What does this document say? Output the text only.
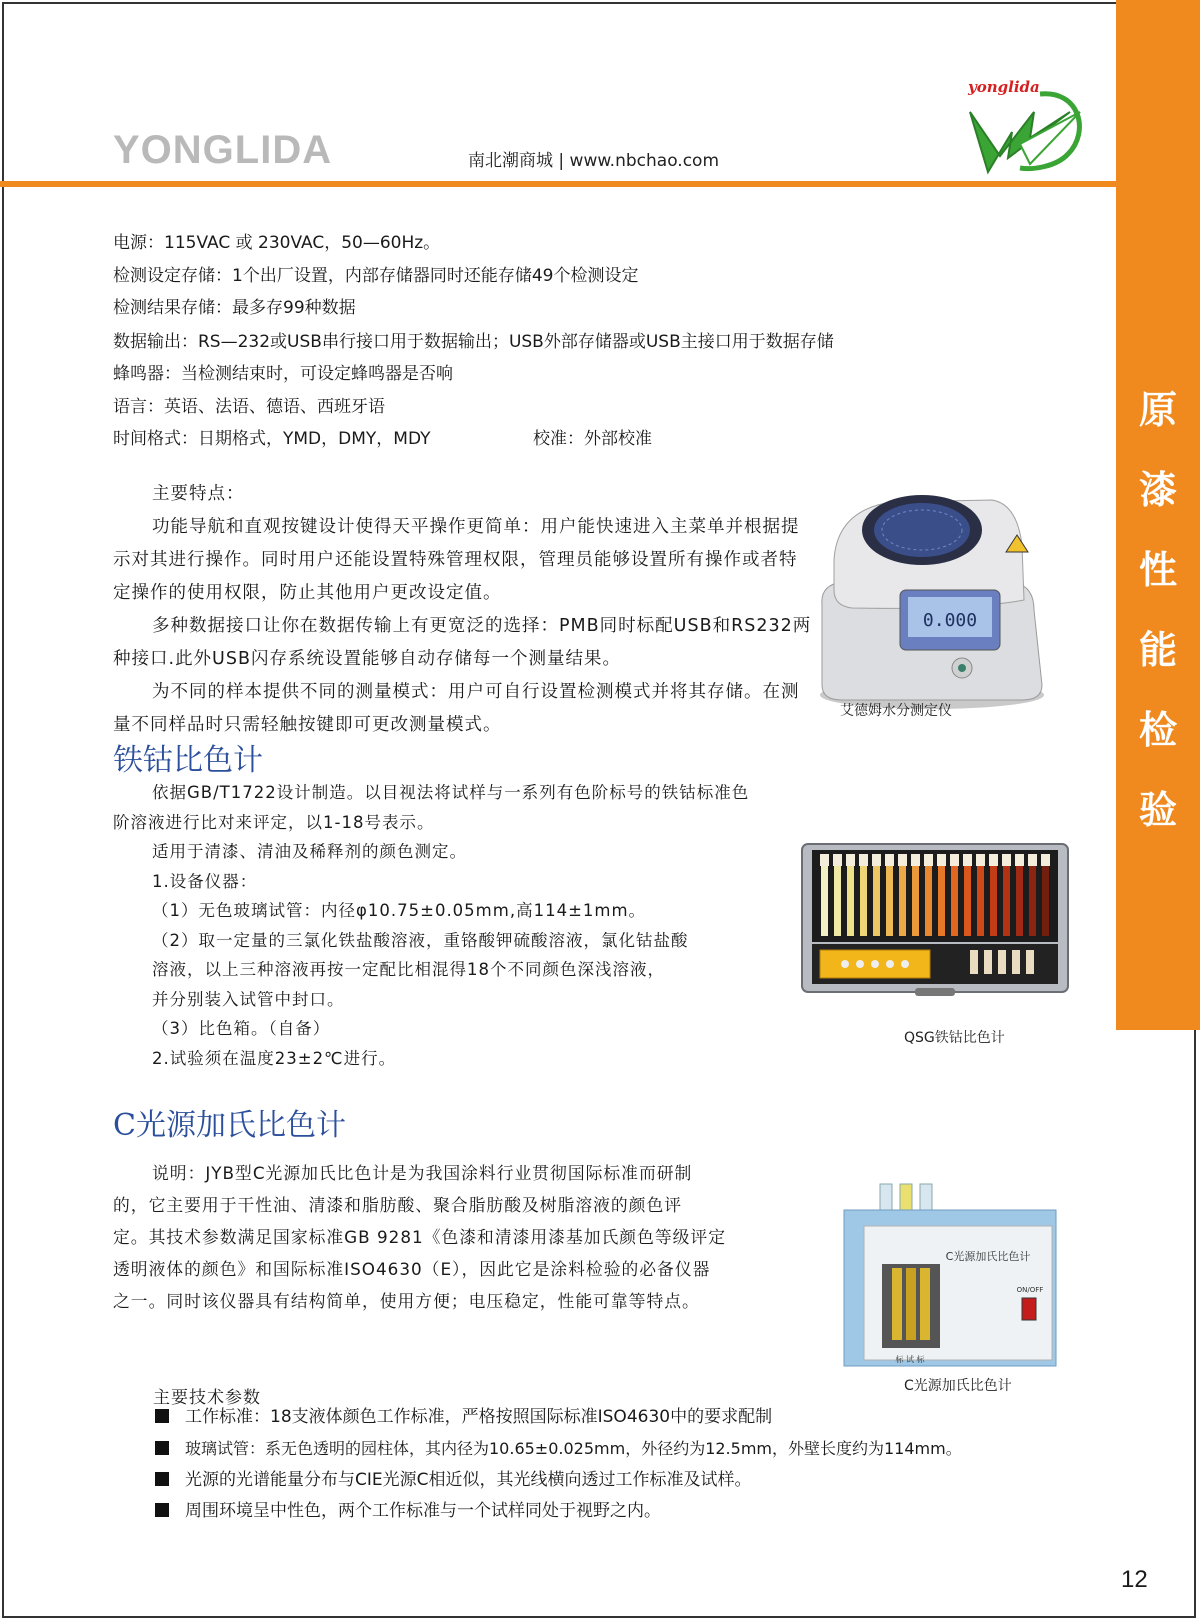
原
漆
性
能
检
验
YONGLIDA	南北潮商城 | www.nbchao.com
yonglida
电源：115VAC 或 230VAC，50—60Hz。
检测设定存储：1个出厂设置，内部存储器同时还能存储49个检测设定
检测结果存储：最多存99种数据
数据输出：RS—232或USB串行接口用于数据输出；USB外部存储器或USB主接口用于数据存储
蜂鸣器：当检测结束时，可设定蜂鸣器是否响
语言：英语、法语、德语、西班牙语
时间格式：日期格式，YMD，DMY，MDY	校准：外部校准

主要特点：

功能导航和直观按键设计使得天平操作更简单：用户能快速进入主菜单并根据提示对其进行操作。同时用户还能设置特殊管理权限，管理员能够设置所有操作或者特定操作的使用权限，防止其他用户更改设定值。

多种数据接口让你在数据传输上有更宽泛的选择：PMB同时标配USB和RS232两种接口.此外USB闪存系统设置能够自动存储每一个测量结果。

为不同的样本提供不同的测量模式：用户可自行设置检测模式并将其存储。在测量不同样品时只需轻触按键即可更改测量模式。

0.000
艾德姆水分测定仪
铁钴比色计

依据GB/T1722设计制造。以目视法将试样与一系列有色阶标号的铁钴标准色

阶溶液进行比对来评定，以1-18号表示。

适用于清漆、清油及稀释剂的颜色测定。

1.设备仪器：

（1）无色玻璃试管：内径φ10.75±0.05mm,高114±1mm。

（2）取一定量的三氯化铁盐酸溶液，重铬酸钾硫酸溶液，氯化钴盐酸

溶液，以上三种溶液再按一定配比相混得18个不同颜色深浅溶液，

并分别装入试管中封口。

（3）比色箱。（自备）

2.试验须在温度23±2℃进行。

QSG铁钴比色计
C光源加氏比色计

说明：JYB型C光源加氏比色计是为我国涂料行业贯彻国际标准而研制

的，它主要用于干性油、清漆和脂肪酸、聚合脂肪酸及树脂溶液的颜色评

定。其技术参数满足国家标准GB 9281《色漆和清漆用漆基加氏颜色等级评定

透明液体的颜色》和国际标准ISO4630（E），因此它是涂料检验的必备仪器

之一。同时该仪器具有结构简单，使用方便；电压稳定，性能可靠等特点。

C光源加氏比色计
标 试 标
ON/OFF
C光源加氏比色计
主要技术参数
工作标准：18支液体颜色工作标准，严格按照国际标准ISO4630中的要求配制
玻璃试管：系无色透明的园柱体，其内径为10.65±0.025mm，外径约为12.5mm，外壁长度约为114mm。
光源的光谱能量分布与CIE光源C相近似，其光线横向透过工作标准及试样。
周围环境呈中性色，两个工作标准与一个试样同处于视野之内。
12
